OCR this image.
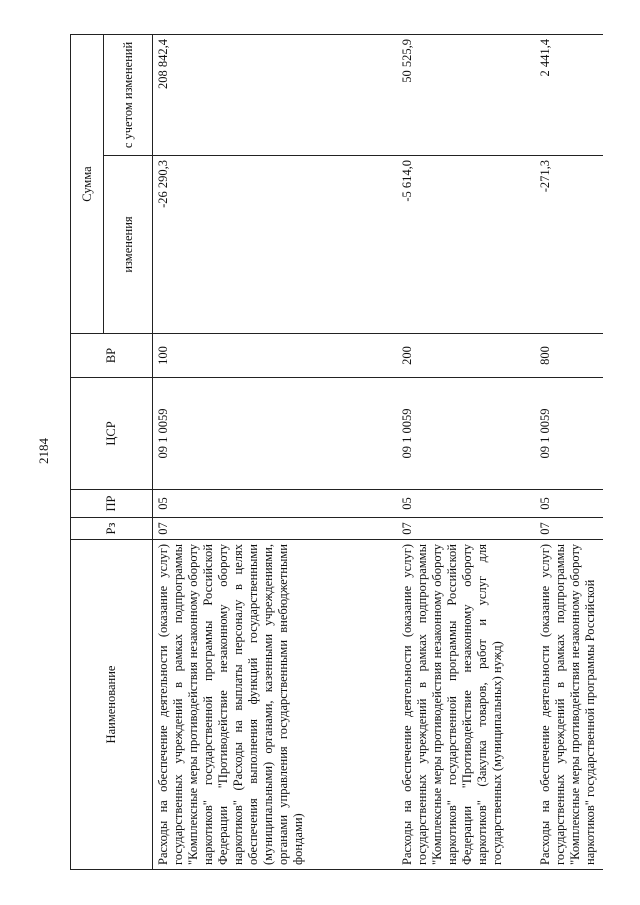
2184
Наименование	Рз	ПР	ЦСР	ВР	Сумма	
					изменения	с учетом изменений
Расходы на обеспечение деятельности (оказание услуг) государственных учреждений в рамках подпрограммы "Комплексные меры противодействия незаконному обороту наркотиков" государственной программы Российской Федерации "Противодействие незаконному обороту наркотиков" (Расходы на выплаты персоналу в целях обеспечения выполнения функций государственными (муниципальными) органами, казенными учреждениями, органами управления государственными внебюджетными фондами)	07	05	09 1 0059	100	-26 290,3	208 842,4
Расходы на обеспечение деятельности (оказание услуг) государственных учреждений в рамках подпрограммы "Комплексные меры противодействия незаконному обороту наркотиков" государственной программы Российской Федерации "Противодействие незаконному обороту наркотиков" (Закупка товаров, работ и услуг для государственных (муниципальных) нужд)	07	05	09 1 0059	200	-5 614,0	50 525,9
Расходы на обеспечение деятельности (оказание услуг) государственных учреждений в рамках подпрограммы "Комплексные меры противодействия незаконному обороту наркотиков" государственной программы Российской	07	05	09 1 0059	800	-271,3	2 441,4
